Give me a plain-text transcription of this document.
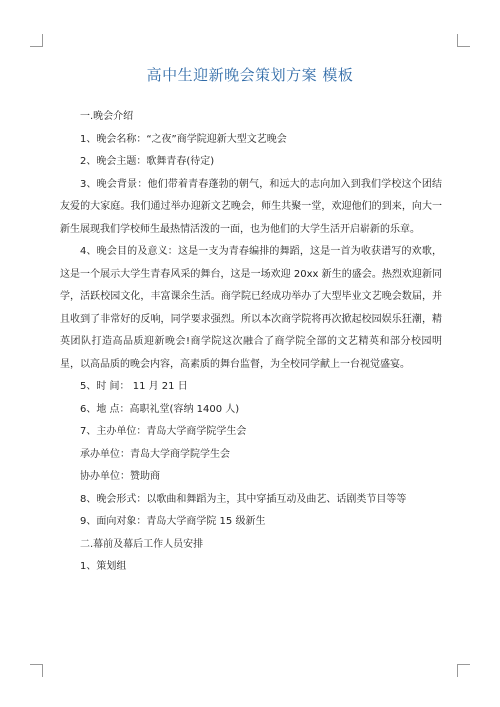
高中生迎新晚会策划方案 模板

一.晚会介绍

1、晚会名称：“之夜”商学院迎新大型文艺晚会

2、晚会主题：歌舞青春(待定)

3、晚会背景：他们带着青春蓬勃的朝气，和远大的志向加入到我们学校这个团结友爱的大家庭。我们通过举办迎新文艺晚会，师生共聚一堂，欢迎他们的到来，向大一新生展现我们学校师生最热情活泼的一面，也为他们的大学生活开启崭新的乐章。

4、晚会目的及意义：这是一支为青春编排的舞蹈，这是一首为收获谱写的欢歌，这是一个展示大学生青春风采的舞台，这是一场欢迎 20xx 新生的盛会。热烈欢迎新同学，活跃校园文化，丰富课余生活。商学院已经成功举办了大型毕业文艺晚会数届，并且收到了非常好的反响，同学要求强烈。所以本次商学院将再次掀起校园娱乐狂潮，精英团队打造高品质迎新晚会!商学院这次融合了商学院全部的文艺精英和部分校园明星，以高品质的晚会内容，高素质的舞台监督，为全校同学献上一台视觉盛宴。

5、时 间： 11 月 21 日

6、地 点：高职礼堂(容纳 1400 人)

7、主办单位：青岛大学商学院学生会

承办单位：青岛大学商学院学生会

协办单位：赞助商

8、晚会形式：以歌曲和舞蹈为主，其中穿插互动及曲艺、话剧类节目等等

9、面向对象：青岛大学商学院 15 级新生

二.幕前及幕后工作人员安排

1、策划组
